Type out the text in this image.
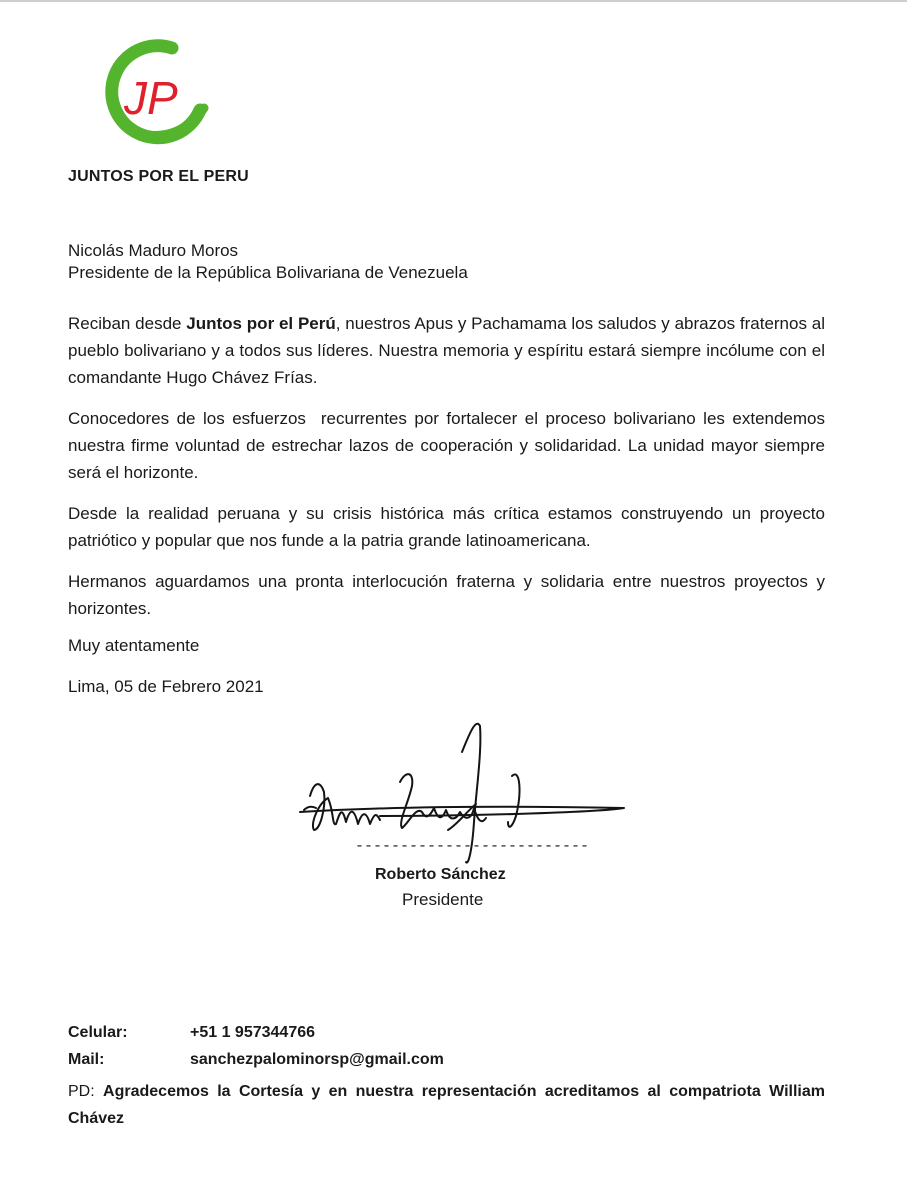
JP
JUNTOS POR EL PERU
Nicolás Maduro Moros
Presidente de la República Bolivariana de Venezuela

Reciban desde Juntos por el Perú, nuestros Apus y Pachamama los saludos y abrazos fraternos al pueblo bolivariano y a todos sus líderes. Nuestra memoria y espíritu estará siempre incólume con el comandante Hugo Chávez Frías.

Conocedores de los esfuerzos  recurrentes por fortalecer el proceso bolivariano les extendemos nuestra firme voluntad de estrechar lazos de cooperación y solidaridad. La unidad mayor siempre será el horizonte.

Desde la realidad peruana y su crisis histórica más crítica estamos construyendo un proyecto patriótico y popular que nos funde a la patria grande latinoamericana.

Hermanos aguardamos una pronta interlocución fraterna y solidaria entre nuestros proyectos y horizontes.

Muy atentamente
Lima, 05 de Febrero 2021
--------------------------
Roberto Sánchez
Presidente
Celular:	+51 1 957344766
Mail:	sanchezpalominorsp@gmail.com
PD: Agradecemos la Cortesía y en nuestra representación acreditamos al compatriota William Chávez
